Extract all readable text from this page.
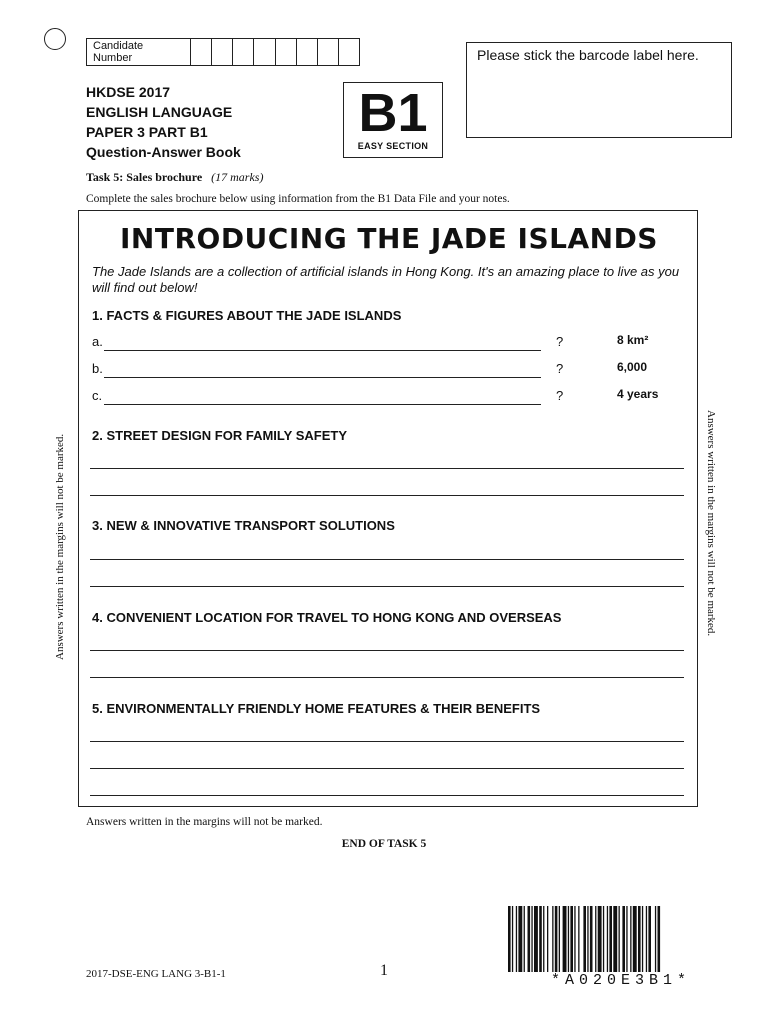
Candidate Number	Please stick the barcode label here.
HKDSE 2017
ENGLISH LANGUAGE
PAPER 3 PART B1
Question-Answer Book
B1
EASY SECTION
Task 5: Sales brochure (17 marks)
Complete the sales brochure below using information from the B1 Data File and your notes.
INTRODUCING THE JADE ISLANDS
The Jade Islands are a collection of artificial islands in Hong Kong. It's an amazing place to live as you will find out below!
1. FACTS & FIGURES ABOUT THE JADE ISLANDS
a.	?	8 km²
b.	?	6,000
c.	?	4 years
2. STREET DESIGN FOR FAMILY SAFETY
3. NEW & INNOVATIVE TRANSPORT SOLUTIONS
4. CONVENIENT LOCATION FOR TRAVEL TO HONG KONG AND OVERSEAS
5. ENVIRONMENTALLY FRIENDLY HOME FEATURES & THEIR BENEFITS
Answers written in the margins will not be marked.	Answers written in the margins will not be marked.
Answers written in the margins will not be marked.
END OF TASK 5
2017-DSE-ENG LANG 3-B1-1	1
*A020E3B1*
